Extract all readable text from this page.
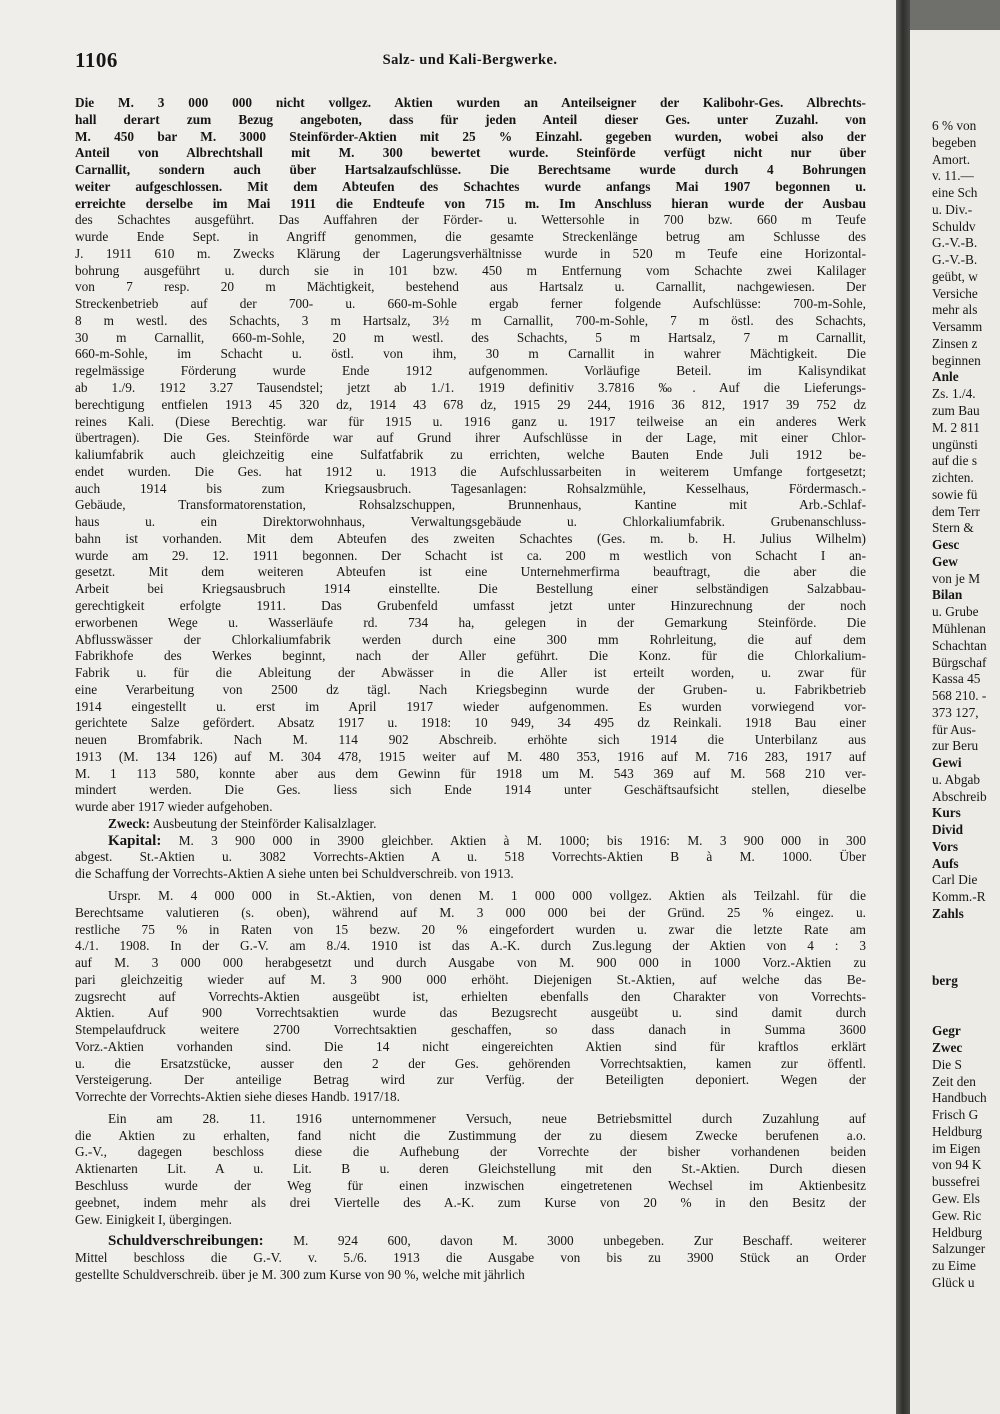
1106	Salz- und Kali-Bergwerke.
Die M. 3 000 000 nicht vollgez. Aktien wurden an Anteilseigner der Kalibohr-Ges. Albrechts-
hall derart zum Bezug angeboten, dass für jeden Anteil dieser Ges. unter Zuzahl. von
M. 450 bar M. 3000 Steinförder-Aktien mit 25 % Einzahl. gegeben wurden, wobei also der
Anteil von Albrechtshall mit M. 300 bewertet wurde. Steinförde verfügt nicht nur über
Carnallit, sondern auch über Hartsalzaufschlüsse. Die Berechtsame wurde durch 4 Bohrungen
weiter aufgeschlossen. Mit dem Abteufen des Schachtes wurde anfangs Mai 1907 begonnen u.
erreichte derselbe im Mai 1911 die Endteufe von 715 m. Im Anschluss hieran wurde der Ausbau
des Schachtes ausgeführt. Das Auffahren der Förder- u. Wettersohle in 700 bzw. 660 m Teufe
wurde Ende Sept. in Angriff genommen, die gesamte Streckenlänge betrug am Schlusse des
J. 1911 610 m. Zwecks Klärung der Lagerungsverhältnisse wurde in 520 m Teufe eine Horizontal-
bohrung ausgeführt u. durch sie in 101 bzw. 450 m Entfernung vom Schachte zwei Kalilager
von 7 resp. 20 m Mächtigkeit, bestehend aus Hartsalz u. Carnallit, nachgewiesen. Der
Streckenbetrieb auf der 700- u. 660-m-Sohle ergab ferner folgende Aufschlüsse: 700-m-Sohle,
8 m westl. des Schachts, 3 m Hartsalz, 3½ m Carnallit, 700-m-Sohle, 7 m östl. des Schachts,
30 m Carnallit, 660-m-Sohle, 20 m westl. des Schachts, 5 m Hartsalz, 7 m Carnallit,
660-m-Sohle, im Schacht u. östl. von ihm, 30 m Carnallit in wahrer Mächtigkeit. Die
regelmässige Förderung wurde Ende 1912 aufgenommen. Vorläufige Beteil. im Kalisyndikat
ab 1./9. 1912 3.27 Tausendstel; jetzt ab 1./1. 1919 definitiv 3.7816 ‰. Auf die Lieferungs-
berechtigung entfielen 1913 45 320 dz, 1914 43 678 dz, 1915 29 244, 1916 36 812, 1917 39 752 dz
reines Kali. (Diese Berechtig. war für 1915 u. 1916 ganz u. 1917 teilweise an ein anderes Werk
übertragen). Die Ges. Steinförde war auf Grund ihrer Aufschlüsse in der Lage, mit einer Chlor-
kaliumfabrik auch gleichzeitig eine Sulfatfabrik zu errichten, welche Bauten Ende Juli 1912 be-
endet wurden. Die Ges. hat 1912 u. 1913 die Aufschlussarbeiten in weiterem Umfange fortgesetzt;
auch 1914 bis zum Kriegsausbruch. Tagesanlagen: Rohsalzmühle, Kesselhaus, Fördermasch.-
Gebäude, Transformatorenstation, Rohsalzschuppen, Brunnenhaus, Kantine mit Arb.-Schlaf-
haus u. ein Direktorwohnhaus, Verwaltungsgebäude u. Chlorkaliumfabrik. Grubenanschluss-
bahn ist vorhanden. Mit dem Abteufen des zweiten Schachtes (Ges. m. b. H. Julius Wilhelm)
wurde am 29. 12. 1911 begonnen. Der Schacht ist ca. 200 m westlich von Schacht I an-
gesetzt. Mit dem weiteren Abteufen ist eine Unternehmerfirma beauftragt, die aber die
Arbeit bei Kriegsausbruch 1914 einstellte. Die Bestellung einer selbständigen Salzabbau-
gerechtigkeit erfolgte 1911. Das Grubenfeld umfasst jetzt unter Hinzurechnung der noch
erworbenen Wege u. Wasserläufe rd. 734 ha, gelegen in der Gemarkung Steinförde. Die
Abflusswässer der Chlorkaliumfabrik werden durch eine 300 mm Rohrleitung, die auf dem
Fabrikhofe des Werkes beginnt, nach der Aller geführt. Die Konz. für die Chlorkalium-
Fabrik u. für die Ableitung der Abwässer in die Aller ist erteilt worden, u. zwar für
eine Verarbeitung von 2500 dz tägl. Nach Kriegsbeginn wurde der Gruben- u. Fabrikbetrieb
1914 eingestellt u. erst im April 1917 wieder aufgenommen. Es wurden vorwiegend vor-
gerichtete Salze gefördert. Absatz 1917 u. 1918: 10 949, 34 495 dz Reinkali. 1918 Bau einer
neuen Bromfabrik. Nach M. 114 902 Abschreib. erhöhte sich 1914 die Unterbilanz aus
1913 (M. 134 126) auf M. 304 478, 1915 weiter auf M. 480 353, 1916 auf M. 716 283, 1917 auf
M. 1 113 580, konnte aber aus dem Gewinn für 1918 um M. 543 369 auf M. 568 210 ver-
mindert werden. Die Ges. liess sich Ende 1914 unter Geschäftsaufsicht stellen, dieselbe
wurde aber 1917 wieder aufgehoben.
Zweck: Ausbeutung der Steinförder Kalisalzlager.
Kapital: M. 3 900 000 in 3900 gleichber. Aktien à M. 1000; bis 1916: M. 3 900 000 in 300
abgest. St.-Aktien u. 3082 Vorrechts-Aktien A u. 518 Vorrechts-Aktien B à M. 1000. Über
die Schaffung der Vorrechts-Aktien A siehe unten bei Schuldverschreib. von 1913.
Urspr. M. 4 000 000 in St.-Aktien, von denen M. 1 000 000 vollgez. Aktien als Teilzahl. für die
Berechtsame valutieren (s. oben), während auf M. 3 000 000 bei der Gründ. 25 % eingez. u.
restliche 75 % in Raten von 15 bezw. 20 % eingefordert wurden u. zwar die letzte Rate am
4./1. 1908. In der G.-V. am 8./4. 1910 ist das A.-K. durch Zus.legung der Aktien von 4 : 3
auf M. 3 000 000 herabgesetzt und durch Ausgabe von M. 900 000 in 1000 Vorz.-Aktien zu
pari gleichzeitig wieder auf M. 3 900 000 erhöht. Diejenigen St.-Aktien, auf welche das Be-
zugsrecht auf Vorrechts-Aktien ausgeübt ist, erhielten ebenfalls den Charakter von Vorrechts-
Aktien. Auf 900 Vorrechtsaktien wurde das Bezugsrecht ausgeübt u. sind damit durch
Stempelaufdruck weitere 2700 Vorrechtsaktien geschaffen, so dass danach in Summa 3600
Vorz.-Aktien vorhanden sind. Die 14 nicht eingereichten Aktien sind für kraftlos erklärt
u. die Ersatzstücke, ausser den 2 der Ges. gehörenden Vorrechtsaktien, kamen zur öffentl.
Versteigerung. Der anteilige Betrag wird zur Verfüg. der Beteiligten deponiert. Wegen der
Vorrechte der Vorrechts-Aktien siehe dieses Handb. 1917/18.
Ein am 28. 11. 1916 unternommener Versuch, neue Betriebsmittel durch Zuzahlung auf
die Aktien zu erhalten, fand nicht die Zustimmung der zu diesem Zwecke berufenen a.o.
G.-V., dagegen beschloss diese die Aufhebung der Vorrechte der bisher vorhandenen beiden
Aktienarten Lit. A u. Lit. B u. deren Gleichstellung mit den St.-Aktien. Durch diesen
Beschluss wurde der Weg für einen inzwischen eingetretenen Wechsel im Aktienbesitz
geebnet, indem mehr als drei Viertelle des A.-K. zum Kurse von 20 % in den Besitz der
Gew. Einigkeit I, übergingen.
Schuldverschreibungen: M. 924 600, davon M. 3000 unbegeben. Zur Beschaff. weiterer
Mittel beschloss die G.-V. v. 5./6. 1913 die Ausgabe von bis zu 3900 Stück an Order
gestellte Schuldverschreib. über je M. 300 zum Kurse von 90 %, welche mit jährlich
6 % von
begeben
Amort.
v. 11.—
eine Sch
u. Div.-
Schuldv
G.-V.-B.
G.-V.-B.
geübt, w
Versiche
mehr als
Versamm
Zinsen z
beginnen
Anle
Zs. 1./4.
zum Bau
M. 2 811
ungünsti
auf die s
zichten.
sowie fü
dem Terr
Stern &
Gesc
Gew
von je M
Bilan
u. Grube
Mühlenan
Schachtan
Bürgschaf
Kassa 45
568 210. -
373 127,
für Aus-
zur Beru
Gewi
u. Abgab
Abschreib
Kurs
Divid
Vors
Aufs
Carl Die
Komm.-R
Zahls
berg
Gegr
Zwec
Die S
Zeit den
Handbuch
Frisch G
Heldburg
im Eigen
von 94 K
bussefrei
Gew. Els
Gew. Ric
Heldburg
Salzunger
zu Eime
Glück u
